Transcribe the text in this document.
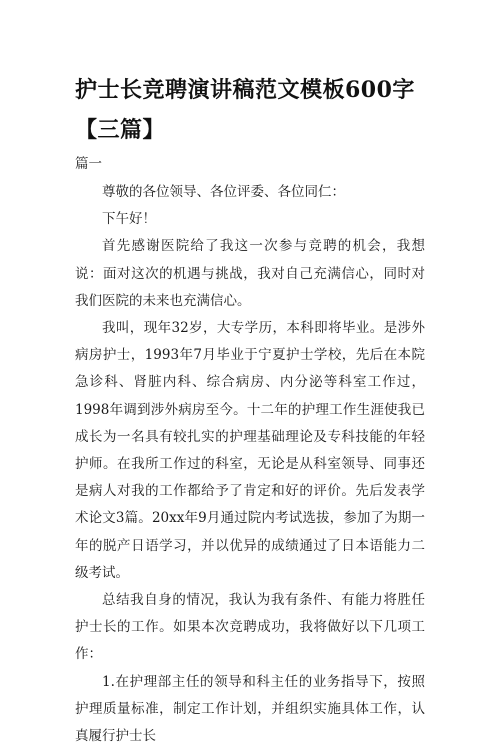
护士长竞聘演讲稿范文模板600字【三篇】
篇一

尊敬的各位领导、各位评委、各位同仁：

下午好！

首先感谢医院给了我这一次参与竞聘的机会，我想说：面对这次的机遇与挑战，我对自己充满信心，同时对我们医院的未来也充满信心。

我叫，现年32岁，大专学历，本科即将毕业。是涉外病房护士，1993年7月毕业于宁夏护士学校，先后在本院急诊科、肾脏内科、综合病房、内分泌等科室工作过，1998年调到涉外病房至今。十二年的护理工作生涯使我已成长为一名具有较扎实的护理基础理论及专科技能的年轻护师。在我所工作过的科室，无论是从科室领导、同事还是病人对我的工作都给予了肯定和好的评价。先后发表学术论文3篇。20xx年9月通过院内考试选拔，参加了为期一年的脱产日语学习，并以优异的成绩通过了日本语能力二级考试。

总结我自身的情况，我认为我有条件、有能力将胜任护士长的工作。如果本次竞聘成功，我将做好以下几项工作：

1.在护理部主任的领导和科主任的业务指导下，按照护理质量标准，制定工作计划，并组织实施具体工作，认真履行护士长
